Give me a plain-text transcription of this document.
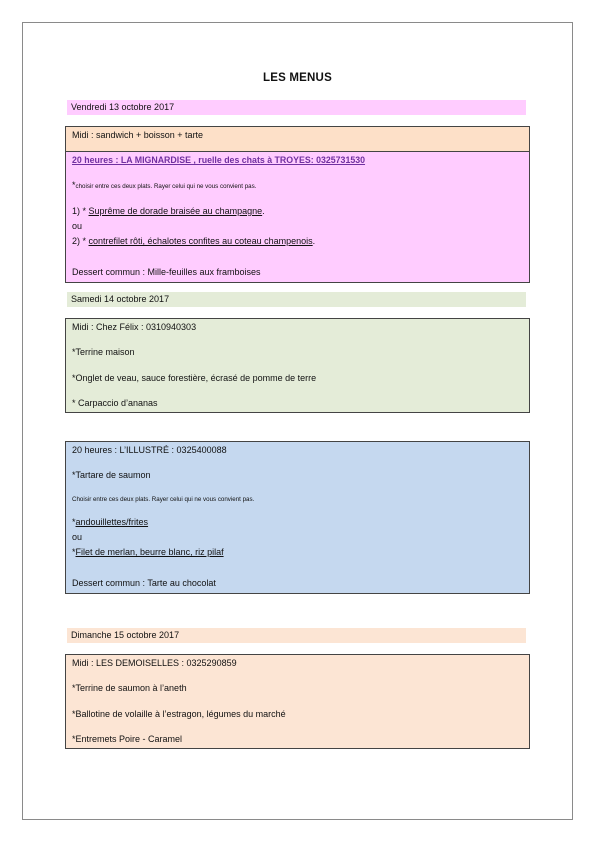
LES MENUS
Vendredi 13 octobre 2017
Midi : sandwich + boisson + tarte
20 heures : LA MIGNARDISE , ruelle des chats à TROYES: 0325731530
*choisir entre ces deux plats. Rayer celui qui ne vous convient pas.
1) * Suprême de dorade braisée au champagne.
ou
2) * contrefilet rôti, échalotes confites au coteau champenois.
Dessert commun : Mille-feuilles aux framboises
Samedi 14 octobre 2017
Midi : Chez Félix : 0310940303
*Terrine maison
*Onglet de veau, sauce forestière, écrasé de pomme de terre
* Carpaccio d’ananas
20 heures : L’ILLUSTRÉ : 0325400088
*Tartare de saumon
Choisir entre ces deux plats. Rayer celui qui ne vous convient pas.
*andouillettes/frites
ou
*Filet de merlan, beurre blanc, riz pilaf
Dessert commun : Tarte au chocolat
Dimanche 15 octobre 2017
Midi : LES DEMOISELLES : 0325290859
*Terrine de saumon à l’aneth
*Ballotine de volaille à l’estragon, légumes du marché
*Entremets Poire - Caramel
